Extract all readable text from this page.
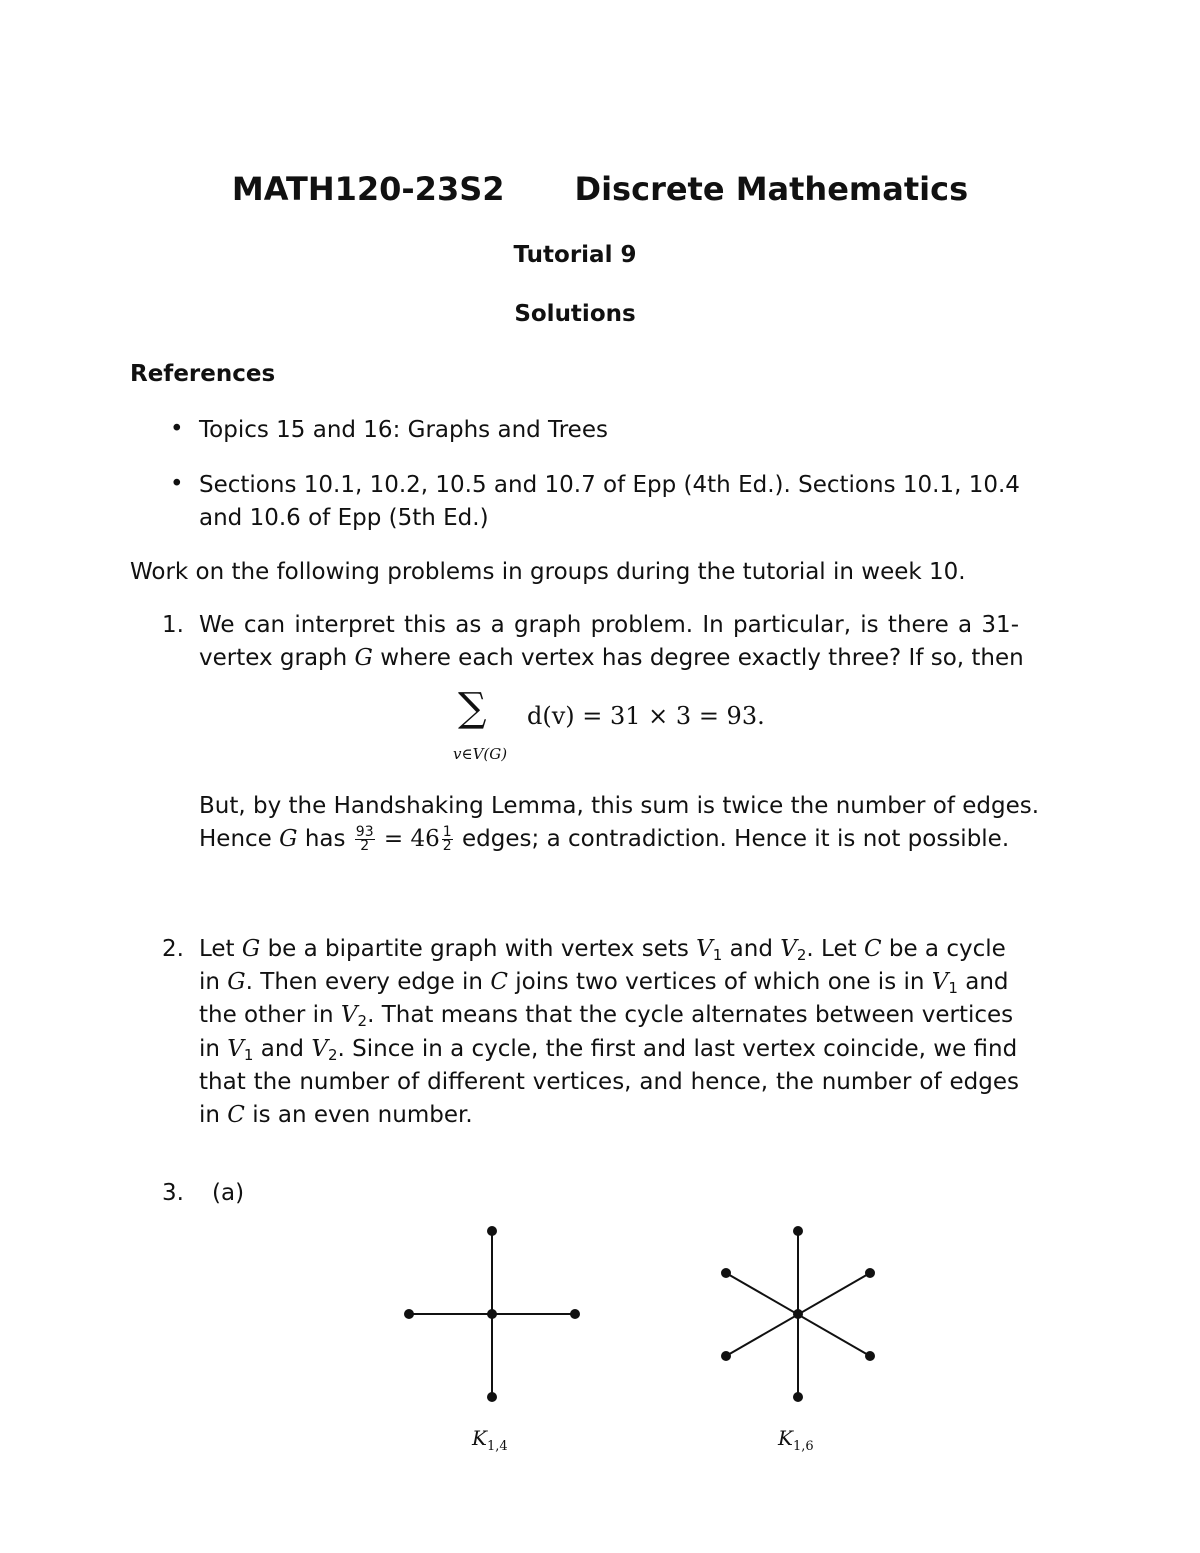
MATH120-23S2 Discrete Mathematics
Tutorial 9
Solutions
References
• Topics 15 and 16: Graphs and Trees
• Sections 10.1, 10.2, 10.5 and 10.7 of Epp (4th Ed.). Sections 10.1, 10.4
and 10.6 of Epp (5th Ed.)
Work on the following problems in groups during the tutorial in week 10.
1. We can interpret this as a graph problem. In particular, is there a 31-
vertex graph G where each vertex has degree exactly three? If so, then
∑
v∈V(G)
d(v) = 31 × 3 = 93.
But, by the Handshaking Lemma, this sum is twice the number of edges.
Hence G has $\frac{93}{2} = 46 \frac{1}{2}$ edges; a contradiction. Hence it is not possible.
2. Let G be a bipartite graph with vertex sets $V_1$ and $V_2$. Let C be a cycle
in G. Then every edge in C joins two vertices of which one is in $V_1$ and
the other in $V_2$. That means that the cycle alternates between vertices
in $V_1$ and $V_2$. Since in a cycle, the first and last vertex coincide, we find
that the number of different vertices, and hence, the number of edges
in C is an even number.
3. (a)
$K_{1,4}$	$K_{1,6}$
